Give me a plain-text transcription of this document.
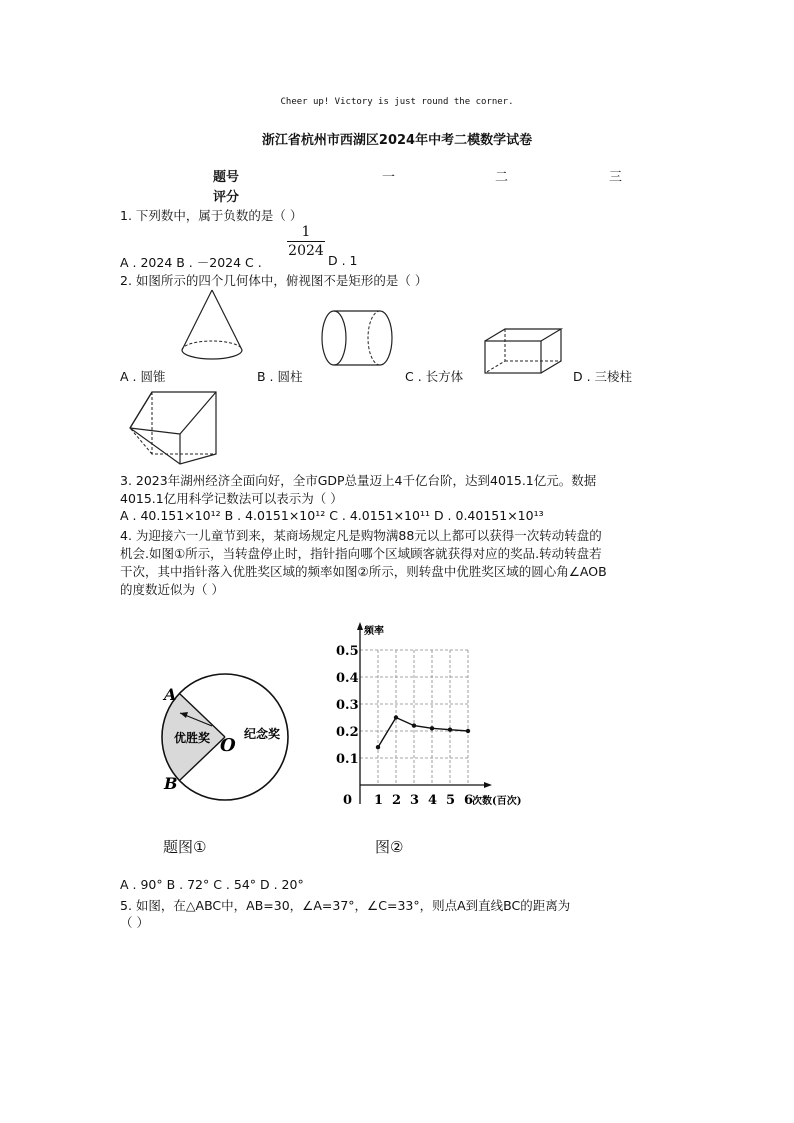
Cheer up! Victory is just round the corner.
浙江省杭州市西湖区2024年中考二模数学试卷
题号	一	二	三
评分
1. 下列数中，属于负数的是（ ）
A . 2024 B . －2024 C .
1
2024
D . 1
2. 如图所示的四个几何体中，俯视图不是矩形的是（ ）
A . 圆锥	B . 圆柱	C . 长方体	D . 三棱柱
3. 2023年湖州经济全面向好，全市GDP总量迈上4千亿台阶，达到4015.1亿元。数据
4015.1亿用科学记数法可以表示为（ ）
A . 40.151×10¹² B . 4.0151×10¹² C . 4.0151×10¹¹ D . 0.40151×10¹³
4. 为迎接六一儿童节到来，某商场规定凡是购物满88元以上都可以获得一次转动转盘的
机会.如图①所示，当转盘停止时，指针指向哪个区域顾客就获得对应的奖品.转动转盘若
干次，其中指针落入优胜奖区域的频率如图②所示，则转盘中优胜奖区域的圆心角∠AOB
的度数近似为（ ）
A
B
O
优胜奖	纪念奖
题图①
频率
次数(百次)
0
0.5
0.4
0.3
0.2
0.1
1 2 3 4 5 6
图②
A . 90° B . 72° C . 54° D . 20°
5. 如图，在△ABC中，AB=30，∠A=37°，∠C=33°，则点A到直线BC的距离为
（ ）
